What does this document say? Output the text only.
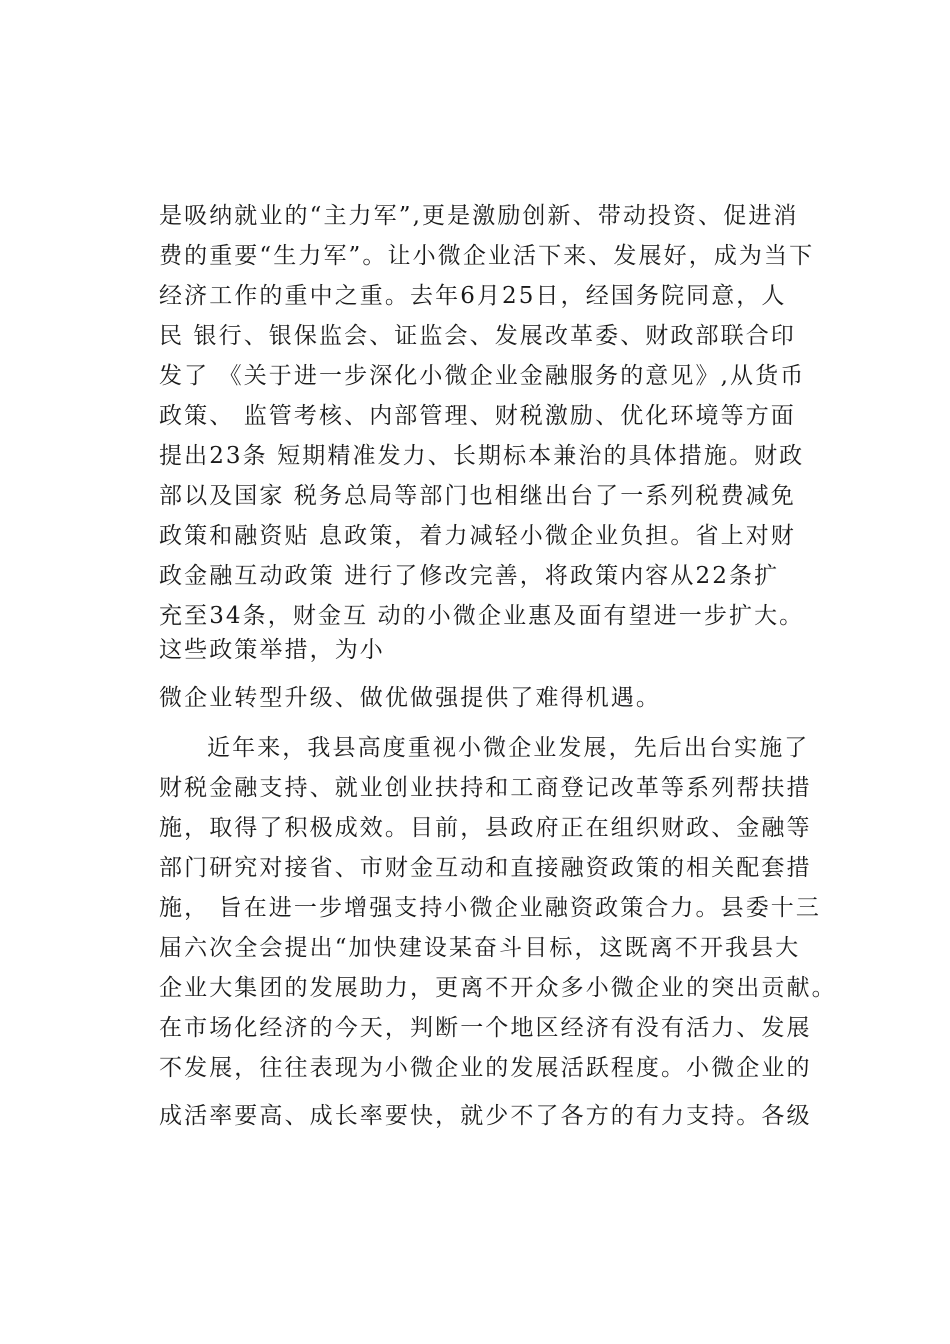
是吸纳就业的“主力军”,更是激励创新、带动投资、促进消
费的重要“生力军”。让小微企业活下来、发展好，成为当下
经济工作的重中之重。去年6月25日，经国务院同意，人
民 银行、银保监会、证监会、发展改革委、财政部联合印
发了 《关于进一步深化小微企业金融服务的意见》,从货币
政策、 监管考核、内部管理、财税激励、优化环境等方面
提出23条 短期精准发力、长期标本兼治的具体措施。财政
部以及国家 税务总局等部门也相继出台了一系列税费减免
政策和融资贴 息政策，着力减轻小微企业负担。省上对财
政金融互动政策 进行了修改完善，将政策内容从22条扩
充至34条，财金互 动的小微企业惠及面有望进一步扩大。
这些政策举措，为小
微企业转型升级、做优做强提供了难得机遇。
近年来，我县高度重视小微企业发展，先后出台实施了
财税金融支持、就业创业扶持和工商登记改革等系列帮扶措
施，取得了积极成效。目前，县政府正在组织财政、金融等
部门研究对接省、市财金互动和直接融资政策的相关配套措
施， 旨在进一步增强支持小微企业融资政策合力。县委十三
届六次全会提出“加快建设某奋斗目标，这既离不开我县大
企业大集团的发展助力，更离不开众多小微企业的突出贡献。
在市场化经济的今天，判断一个地区经济有没有活力、发展
不发展，往往表现为小微企业的发展活跃程度。小微企业的
成活率要高、成长率要快，就少不了各方的有力支持。各级
